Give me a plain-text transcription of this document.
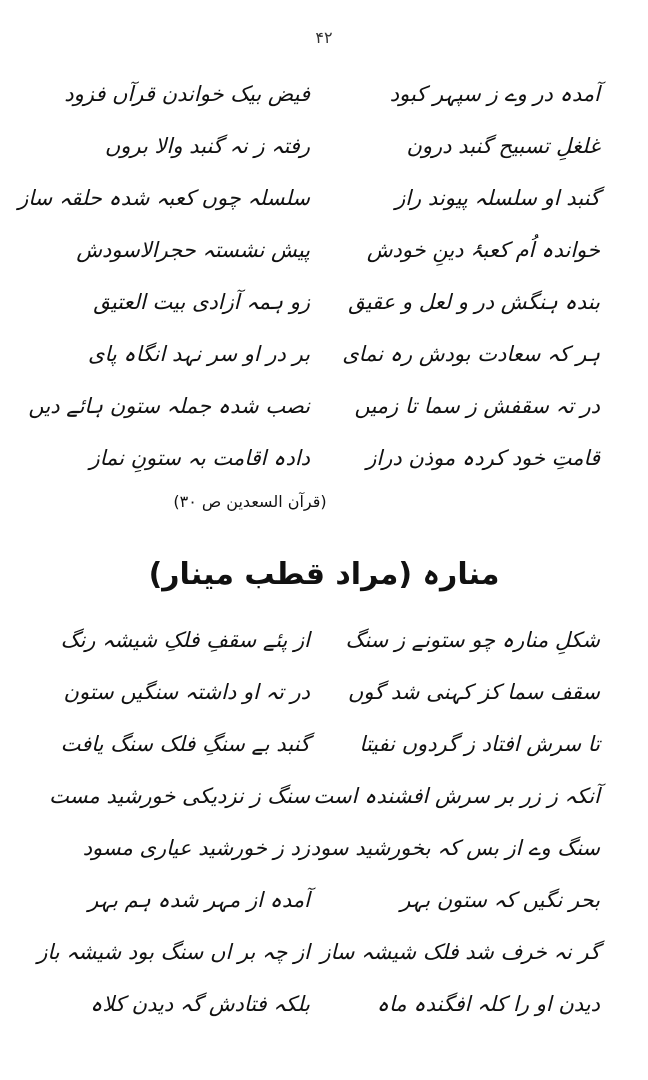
۴۲
آمدہ در وے ز سپہر کبود
فیض بیک خواندن قرآں فزود
غلغلِ تسبیح گنبد درون
رفتہ ز نہ گنبد والا بروں
گنبد او سلسلہ پیوند راز
سلسلہ چوں کعبہ شدہ حلقہ ساز
خواندہ اُم کعبۂ دینِ خودش
پیش نشستہ حجرالاسودش
بندہ ہنگش در و لعل و عقیق
زو ہمہ آزادی بیت العتیق
ہر کہ سعادت بودش رہ نمای
بر در او سر نہد انگاہ پای
در تہ سقفش ز سما تا زمیں
نصب شدہ جملہ ستون ہائے دیں
قامتِ خود کردہ موذن دراز
دادہ اقامت بہ ستونِ نماز
(قرآن السعدین ص ۳۰)
منارہ (مراد قطب مینار)
شکلِ منارہ چو ستونے ز سنگ
از پئے سقفِ فلکِ شیشہ رنگ
سقف سما کز کہنی شد گوں
در تہ او داشتہ سنگیں ستون
تا سرش افتاد ز گردوں نفیتا
گنبد بے سنگِ فلک سنگ یافت
آنکہ ز زر بر سرش افشندہ است
سنگ ز نزدیکی خورشید مست
سنگ وے از بس کہ بخورشید سود
زد ز خورشید عیاری مسود
بحر نگیں کہ ستون بہر
آمدہ از مہر شدہ ہم بہر
گر نہ خرف شد فلک شیشہ ساز
از چہ بر اں سنگ بود شیشہ باز
دیدن او را کلہ افگندہ ماہ
بلکہ فتادش گہ دیدن کلاہ
